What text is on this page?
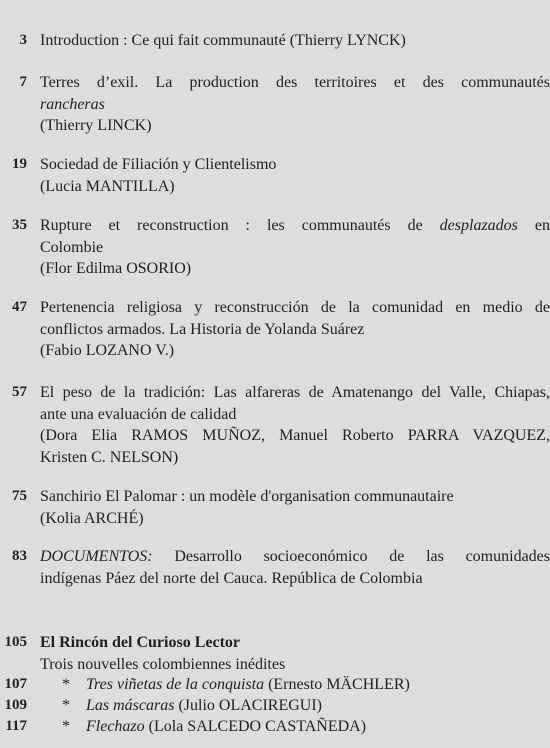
3 Introduction : Ce qui fait communauté (Thierry LYNCK)
7 Terres d’exil. La production des territoires et des communautés
rancheras
(Thierry LINCK)
19 Sociedad de Filiación y Clientelismo
(Lucia MANTILLA)
35 Rupture et reconstruction : les communautés de desplazados en
Colombie
(Flor Edilma OSORIO)
47 Pertenencia religiosa y reconstrucción de la comunidad en medio de
conflictos armados. La Historia de Yolanda Suárez
(Fabio LOZANO V.)
57 El peso de la tradición: Las alfareras de Amatenango del Valle, Chiapas,
ante una evaluación de calidad
(Dora Elia RAMOS MUÑOZ, Manuel Roberto PARRA VAZQUEZ,
Kristen C. NELSON)
75 Sanchirio El Palomar : un modèle d'organisation communautaire
(Kolia ARCHÉ)
83 DOCUMENTOS: Desarrollo socioeconómico de las comunidades
indígenas Páez del norte del Cauca. República de Colombia
105 El Rincón del Curioso Lector
Trois nouvelles colombiennes inédites
107	* Tres viñetas de la conquista (Ernesto MÄCHLER)
109	* Las máscaras (Julio OLACIREGUI)
117	* Flechazo (Lola SALCEDO CASTAÑEDA)
